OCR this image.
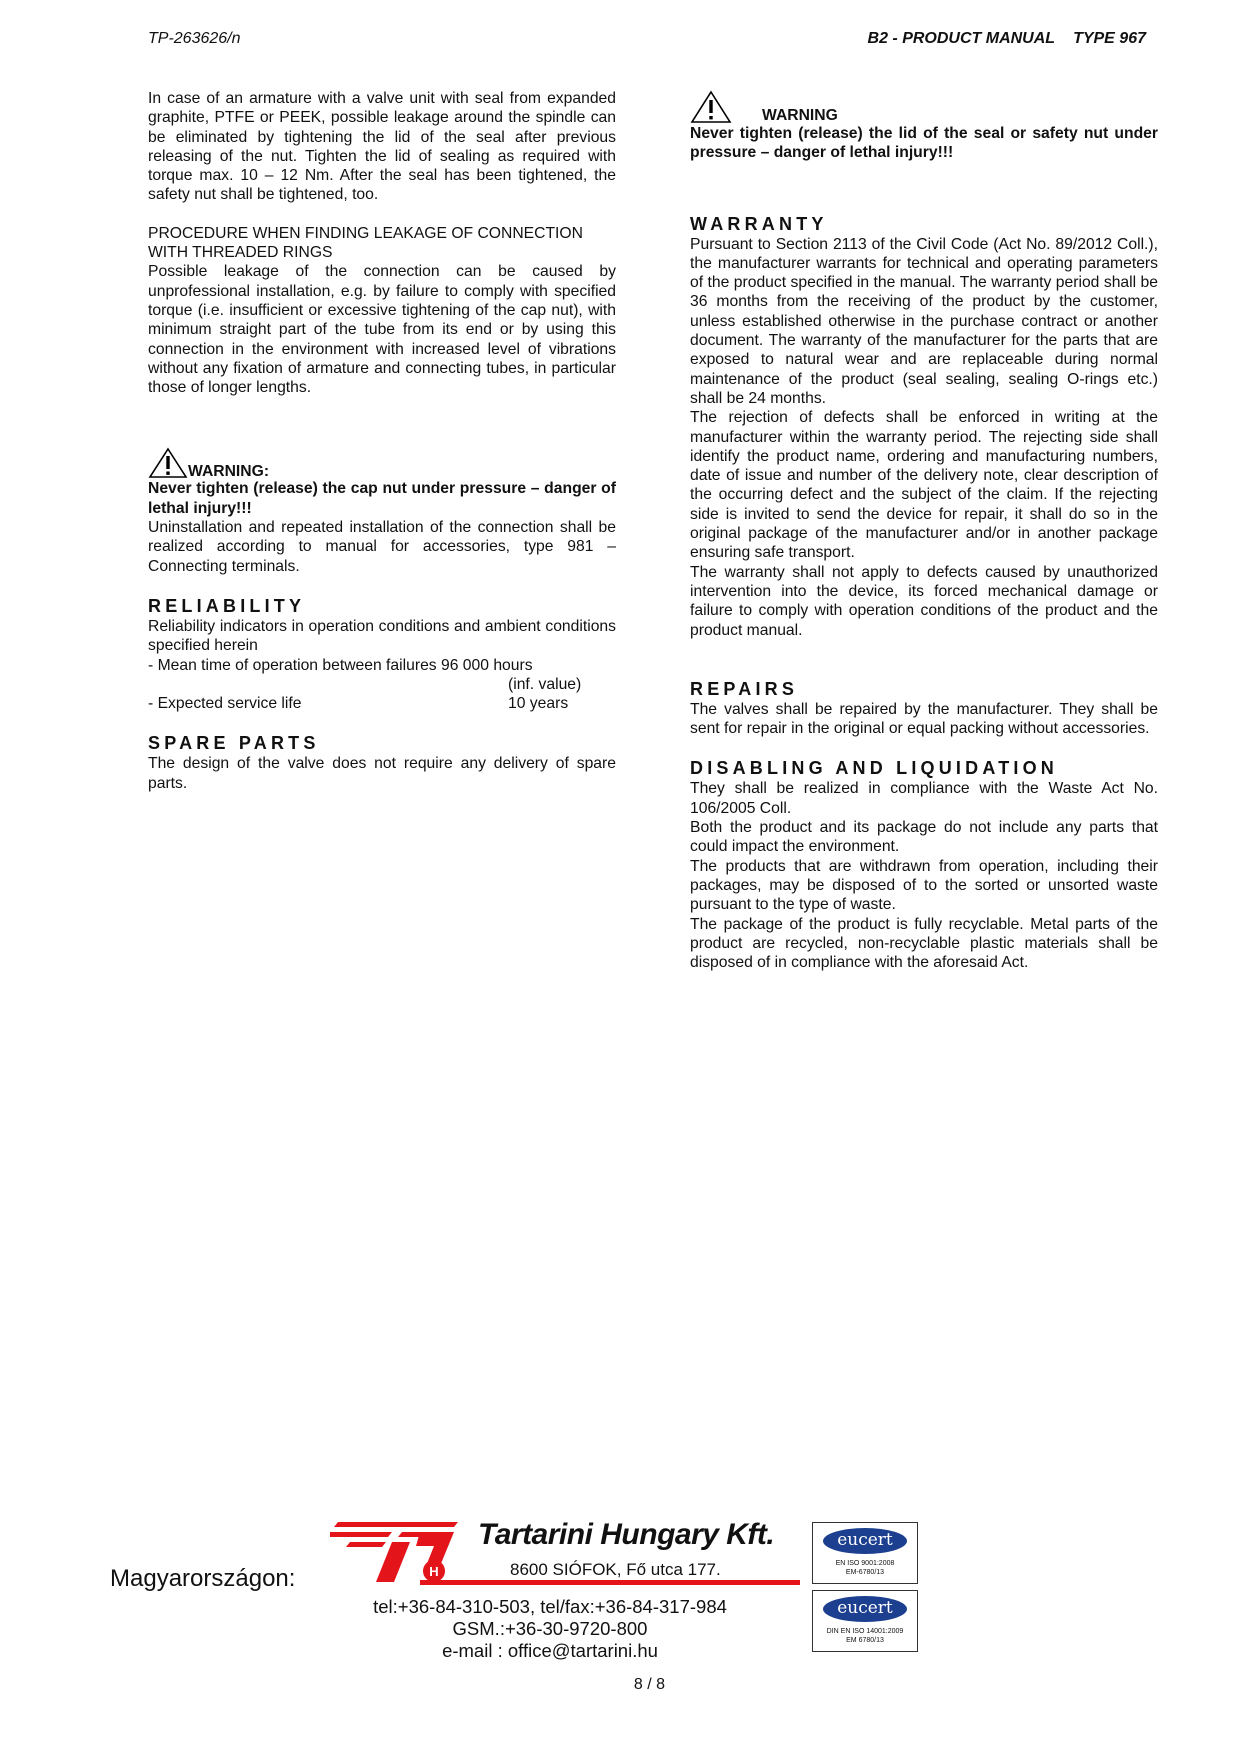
TP-263626/n	B2 - PRODUCT MANUAL TYPE 967

In case of an armature with a valve unit with seal from expanded graphite, PTFE or PEEK, possible leakage around the spindle can be eliminated by tightening the lid of the seal after previous releasing of the nut. Tighten the lid of sealing as required with torque max. 10 – 12 Nm. After the seal has been tightened, the safety nut shall be tightened, too.

PROCEDURE WHEN FINDING LEAKAGE OF CONNECTION WITH THREADED RINGS

Possible leakage of the connection can be caused by unprofessional installation, e.g. by failure to comply with specified torque (i.e. insufficient or excessive tightening of the cap nut), with minimum straight part of the tube from its end or by using this connection in the environment with increased level of vibrations without any fixation of armature and connecting tubes, in particular those of longer lengths.

WARNING:

Never tighten (release) the cap nut under pressure – danger of lethal injury!!!

Uninstallation and repeated installation of the connection shall be realized according to manual for accessories, type 981 – Connecting terminals.

RELIABILITY

Reliability indicators in operation conditions and ambient conditions specified herein

- Mean time of operation between failures 96 000 hours

(inf. value)
- Expected service life	10 years
SPARE PARTS

The design of the valve does not require any delivery of spare parts.

WARNING

Never tighten (release) the lid of the seal or safety nut under pressure – danger of lethal injury!!!

WARRANTY

Pursuant to Section 2113 of the Civil Code (Act No. 89/2012 Coll.), the manufacturer warrants for technical and operating parameters of the product specified in the manual. The warranty period shall be 36 months from the receiving of the product by the customer, unless established otherwise in the purchase contract or another document. The warranty of the manufacturer for the parts that are exposed to natural wear and are replaceable during normal maintenance of the product (seal sealing, sealing O-rings etc.) shall be 24 months.

The rejection of defects shall be enforced in writing at the manufacturer within the warranty period. The rejecting side shall identify the product name, ordering and manufacturing numbers, date of issue and number of the delivery note, clear description of the occurring defect and the subject of the claim. If the rejecting side is invited to send the device for repair, it shall do so in the original package of the manufacturer and/or in another package ensuring safe transport.

The warranty shall not apply to defects caused by unauthorized intervention into the device, its forced mechanical damage or failure to comply with operation conditions of the product and the product manual.

REPAIRS

The valves shall be repaired by the manufacturer. They shall be sent for repair in the original or equal packing without accessories.

DISABLING AND LIQUIDATION

They shall be realized in compliance with the Waste Act No. 106/2005 Coll.

Both the product and its package do not include any parts that could impact the environment.

The products that are withdrawn from operation, including their packages, may be disposed of to the sorted or unsorted waste pursuant to the type of waste.

The package of the product is fully recyclable. Metal parts of the product are recycled, non-recyclable plastic materials shall be disposed of in compliance with the aforesaid Act.

Magyarországon:	H
Tartarini Hungary Kft.
8600 SIÓFOK, Fő utca 177.
tel:+36-84-310-503, tel/fax:+36-84-317-984
GSM.:+36-30-9720-800
e-mail : office@tartarini.hu
eucert
EN ISO 9001:2008
EM-6780/13
eucert
DIN EN ISO 14001:2009
EM 6780/13
8 / 8
